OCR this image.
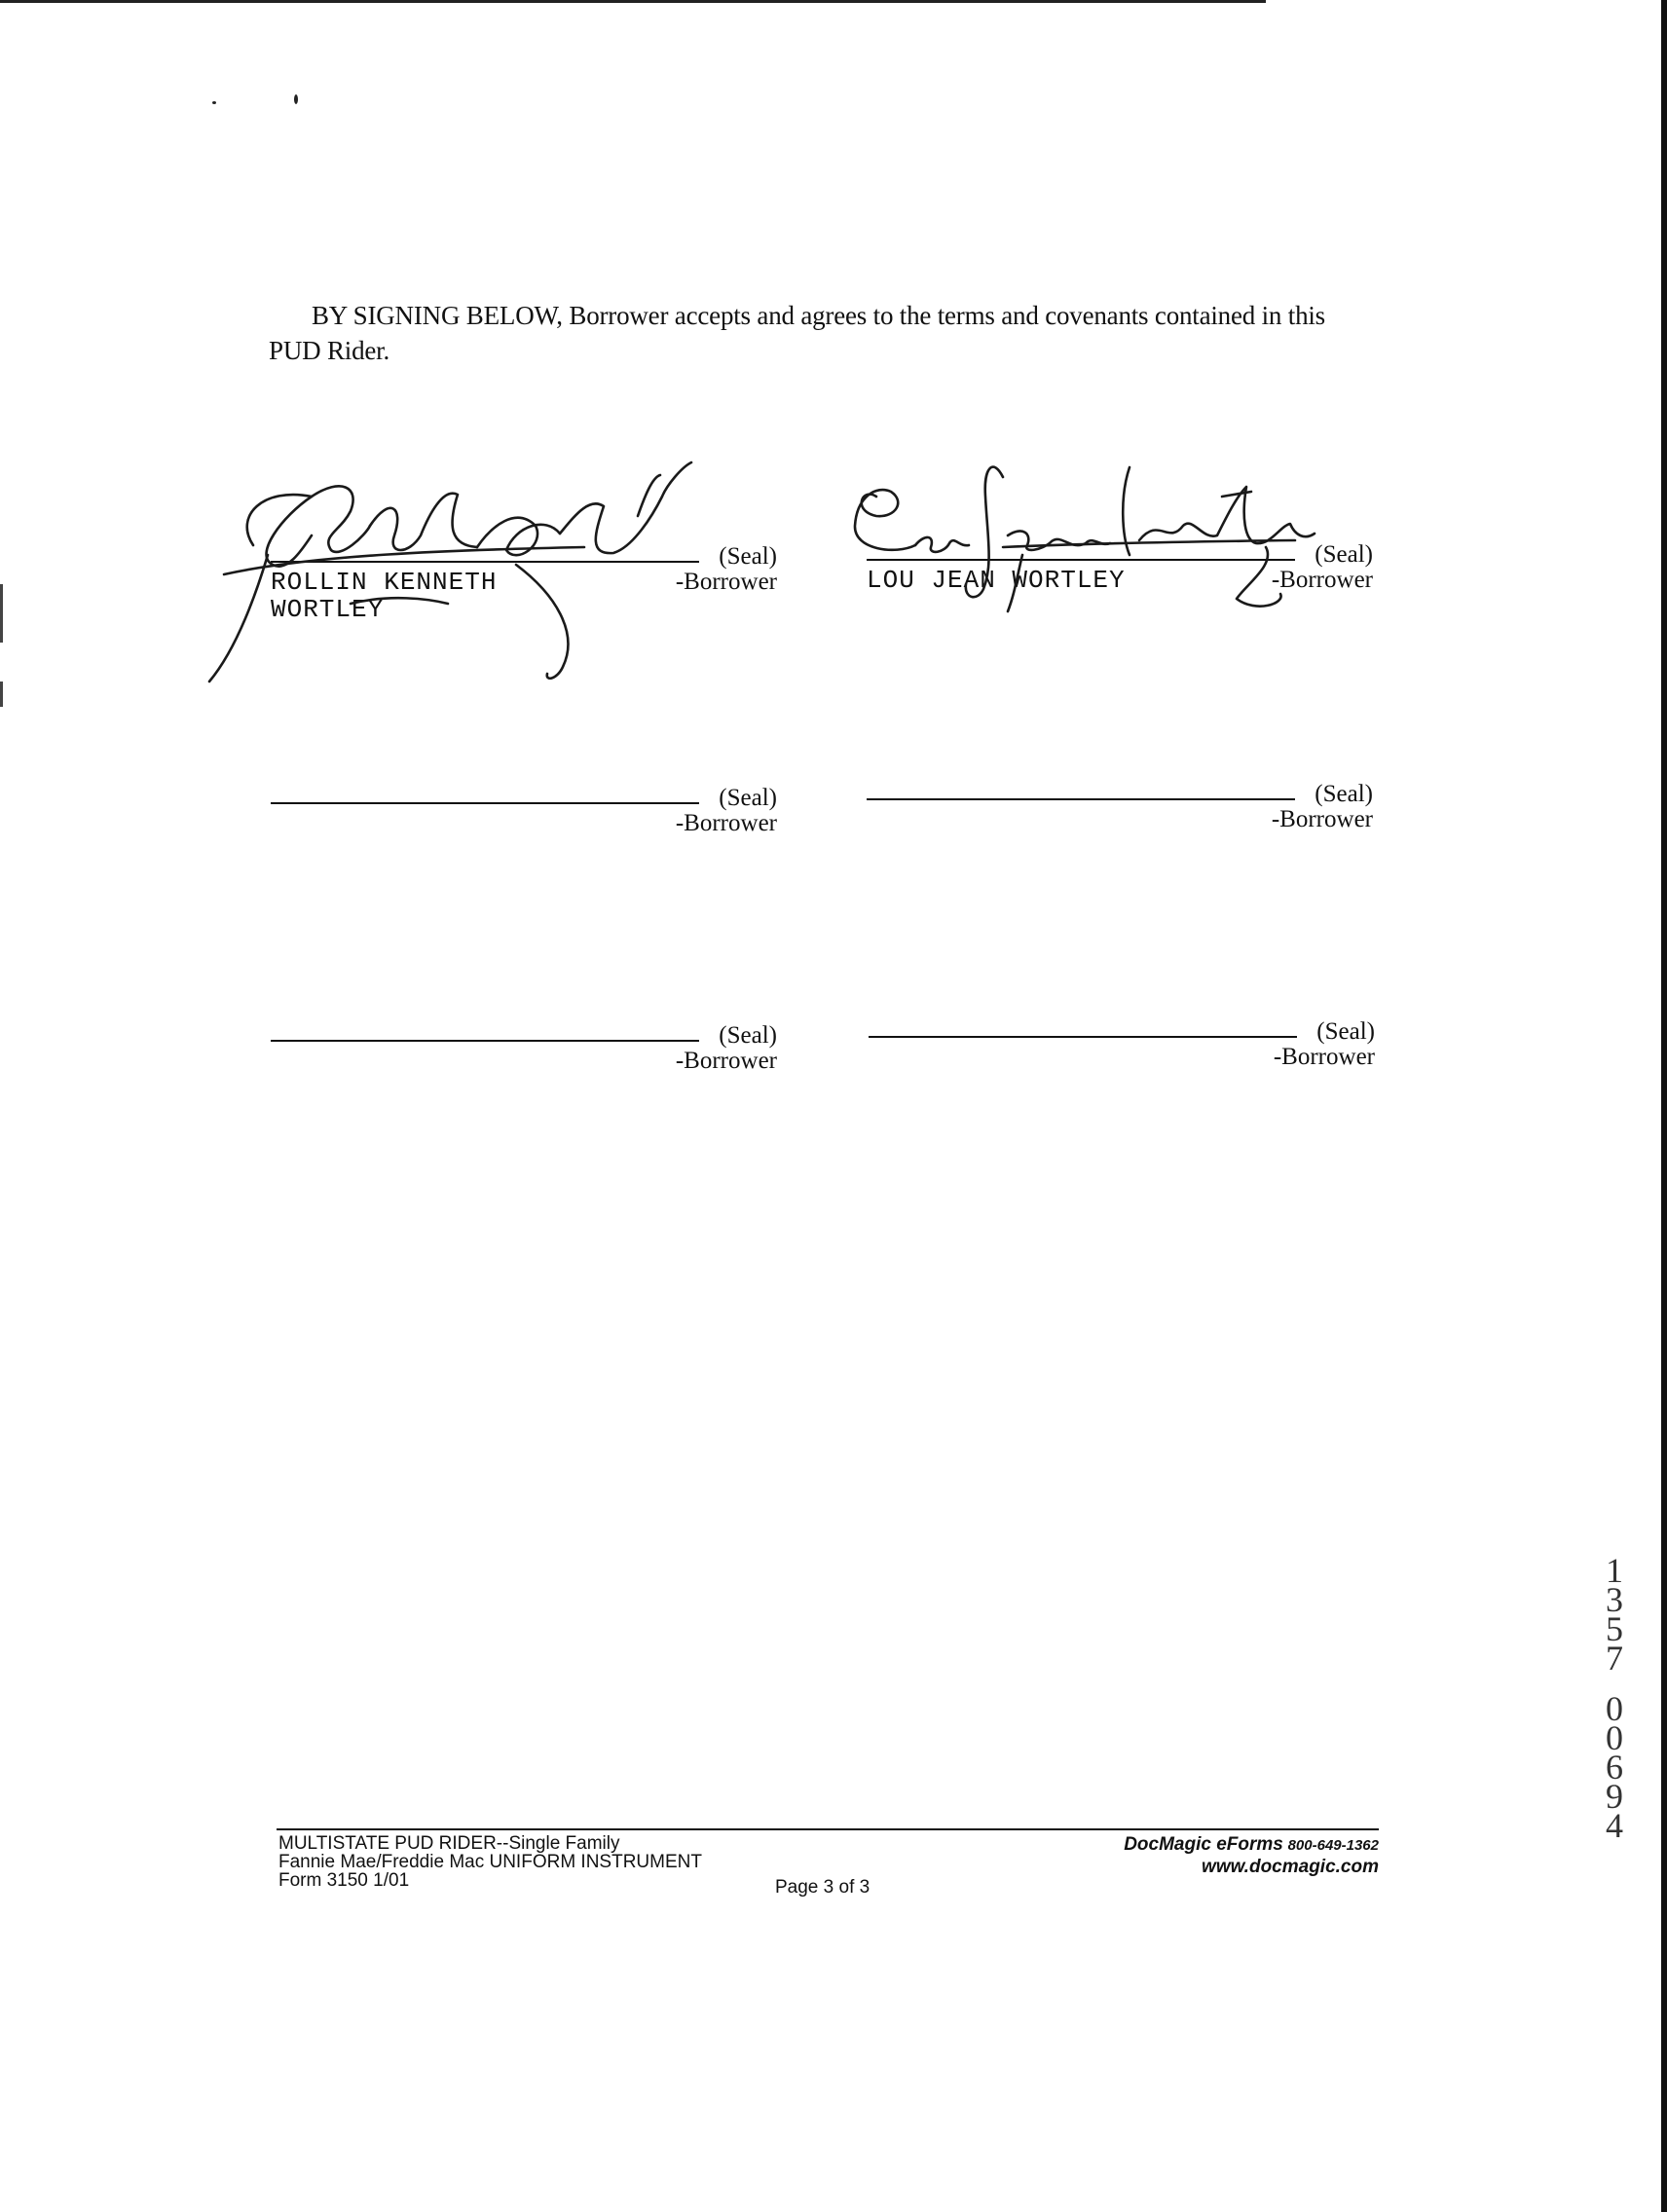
BY SIGNING BELOW, Borrower accepts and agrees to the terms and covenants contained in this PUD Rider.
(Seal)
-Borrower
ROLLIN KENNETH
WORTLEY
(Seal)
-Borrower
LOU JEAN WORTLEY

(Seal)
-Borrower
(Seal)
-Borrower
(Seal)
-Borrower
(Seal)
-Borrower
MULTISTATE PUD RIDER--Single Family
Fannie Mae/Freddie Mac UNIFORM INSTRUMENT
Form 3150 1/01	Page 3 of 3
DocMagic eForms 800-649-1362
www.docmagic.com
1
3
5
7
0
0
6
9
4
